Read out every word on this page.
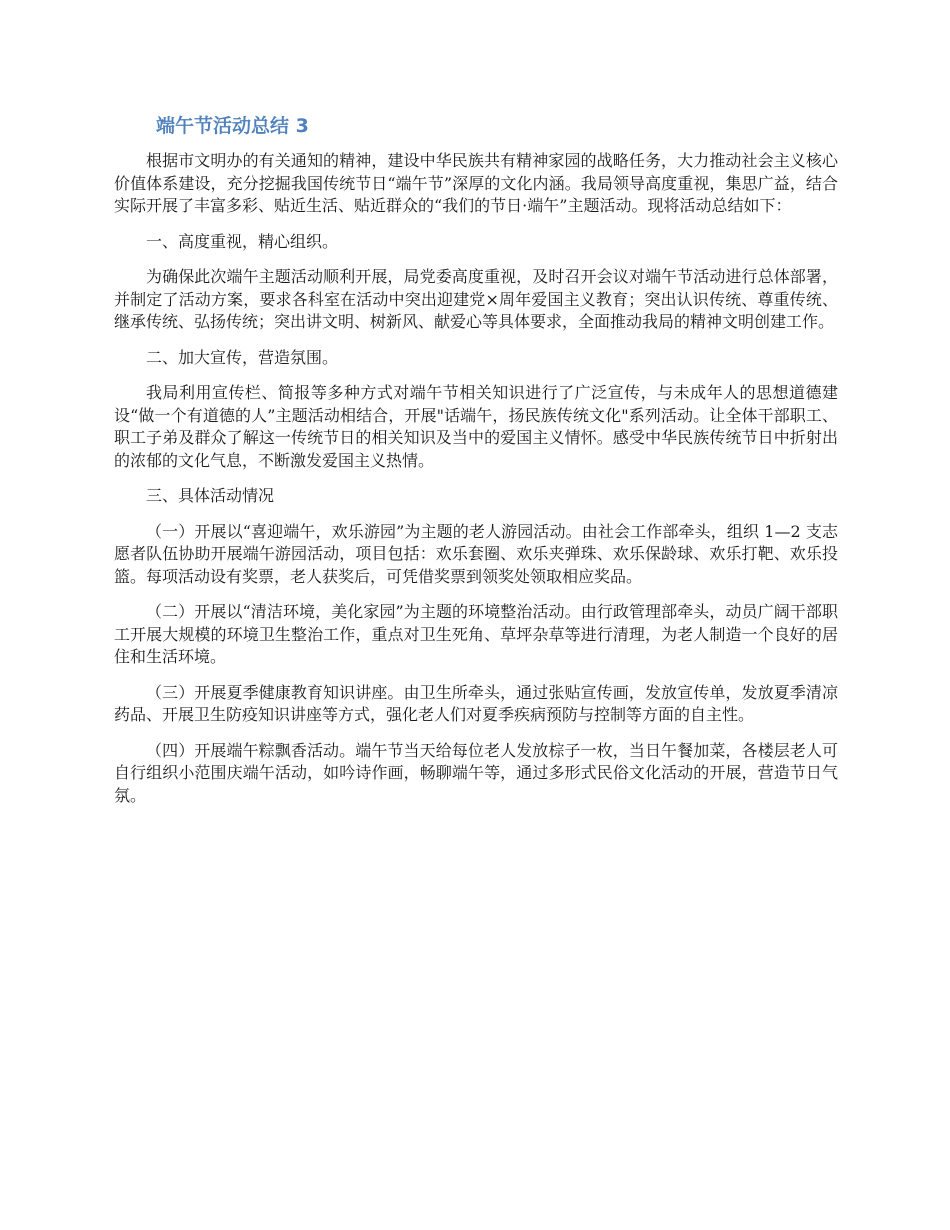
端午节活动总结 3

根据市文明办的有关通知的精神，建设中华民族共有精神家园的战略任务，大力推动社会主义核心价值体系建设，充分挖掘我国传统节日“端午节”深厚的文化内涵。我局领导高度重视，集思广益，结合实际开展了丰富多彩、贴近生活、贴近群众的“我们的节日·端午”主题活动。现将活动总结如下：

一、高度重视，精心组织。

为确保此次端午主题活动顺利开展，局党委高度重视，及时召开会议对端午节活动进行总体部署，并制定了活动方案，要求各科室在活动中突出迎建党×周年爱国主义教育；突出认识传统、尊重传统、继承传统、弘扬传统；突出讲文明、树新风、献爱心等具体要求，全面推动我局的精神文明创建工作。

二、加大宣传，营造氛围。

我局利用宣传栏、简报等多种方式对端午节相关知识进行了广泛宣传，与未成年人的思想道德建设“做一个有道德的人”主题活动相结合，开展"话端午，扬民族传统文化"系列活动。让全体干部职工、职工子弟及群众了解这一传统节日的相关知识及当中的爱国主义情怀。感受中华民族传统节日中折射出的浓郁的文化气息，不断激发爱国主义热情。

三、具体活动情况

（一）开展以“喜迎端午，欢乐游园”为主题的老人游园活动。由社会工作部牵头，组织 1—2 支志愿者队伍协助开展端午游园活动，项目包括：欢乐套圈、欢乐夹弹珠、欢乐保龄球、欢乐打靶、欢乐投篮。每项活动设有奖票，老人获奖后，可凭借奖票到领奖处领取相应奖品。

（二）开展以“清洁环境，美化家园”为主题的环境整治活动。由行政管理部牵头，动员广阔干部职工开展大规模的环境卫生整治工作，重点对卫生死角、草坪杂草等进行清理，为老人制造一个良好的居住和生活环境。

（三）开展夏季健康教育知识讲座。由卫生所牵头，通过张贴宣传画，发放宣传单，发放夏季清凉药品、开展卫生防疫知识讲座等方式，强化老人们对夏季疾病预防与控制等方面的自主性。

（四）开展端午粽飘香活动。端午节当天给每位老人发放棕子一枚，当日午餐加菜，各楼层老人可自行组织小范围庆端午活动，如吟诗作画，畅聊端午等，通过多形式民俗文化活动的开展，营造节日气氛。
